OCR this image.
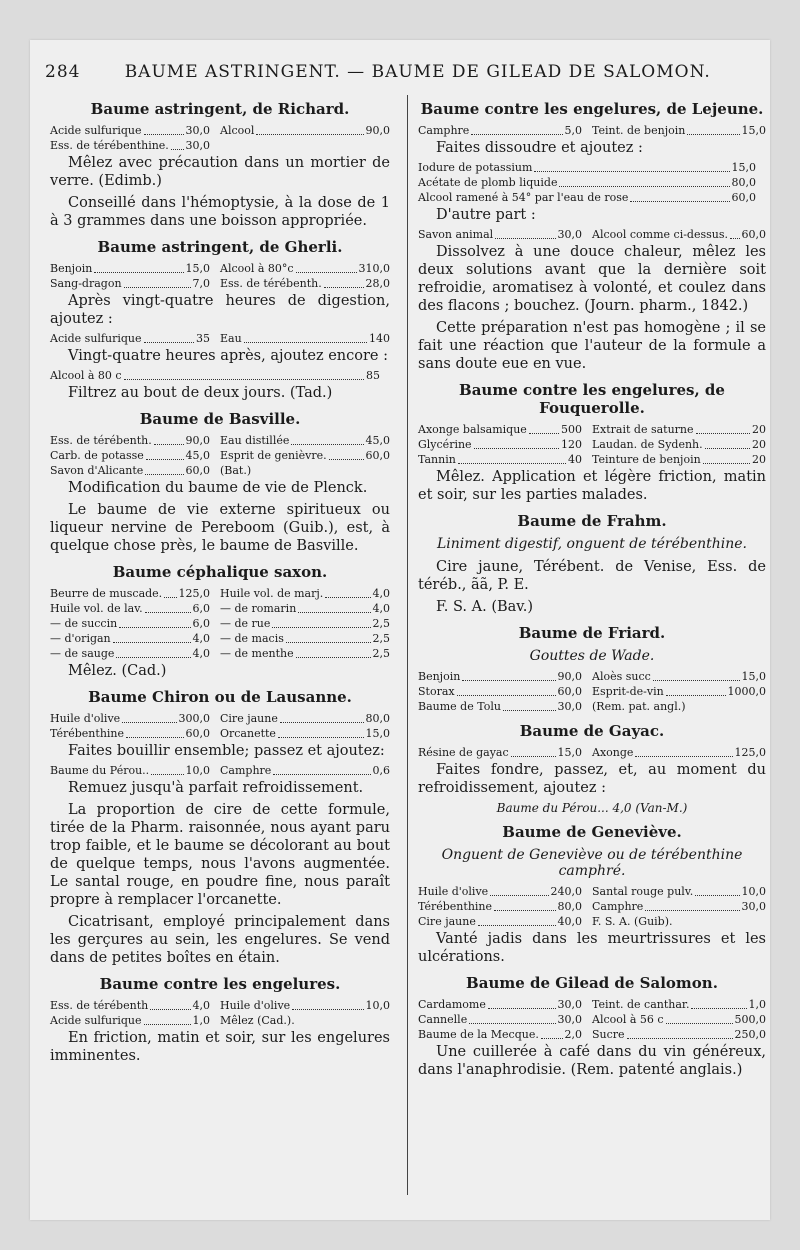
284	BAUME ASTRINGENT. — BAUME DE GILEAD DE SALOMON.
Baume astringent, de Richard.
Acide sulfurique	30,0 Alcool	90,0
Ess. de térébenthine. 30,0

Mêlez avec précaution dans un mortier de verre. (Edimb.)

Conseillé dans l'hémoptysie, à la dose de 1 à 3 grammes dans une boisson appropriée.

Baume astringent, de Gherli.
Benjoin	15,0 Alcool à 80°c	310,0
Sang-dragon	7,0 Ess. de térébenth.	28,0

Après vingt-quatre heures de digestion, ajoutez :

Acide sulfurique	35 Eau	140

Vingt-quatre heures après, ajoutez encore :

Alcool à 80 c	85

Filtrez au bout de deux jours. (Tad.)

Baume de Basville.
Ess. de térébenth.	90,0 Eau distillée	45,0
Carb. de potasse	45,0 Esprit de genièvre.	60,0
Savon d'Alicante	60,0 (Bat.)

Modification du baume de vie de Plenck.

Le baume de vie externe spiritueux ou liqueur nervine de Pereboom (Guib.), est, à quelque chose près, le baume de Basville.

Baume céphalique saxon.
Beurre de muscade. 125,0 Huile vol. de marj.	4,0
Huile vol. de lav.	6,0 — de romarin	4,0
— de succin	6,0 — de rue	2,5
— d'origan	4,0 — de macis	2,5
— de sauge	4,0 — de menthe	2,5

Mêlez. (Cad.)

Baume Chiron ou de Lausanne.
Huile d'olive	300,0 Cire jaune	80,0
Térébenthine	60,0 Orcanette	15,0

Faites bouillir ensemble; passez et ajoutez:

Baume du Pérou..	10,0 Camphre	0,6

Remuez jusqu'à parfait refroidissement.

La proportion de cire de cette formule, tirée de la Pharm. raisonnée, nous ayant paru trop faible, et le baume se décolorant au bout de quelque temps, nous l'avons augmentée. Le santal rouge, en poudre fine, nous paraît propre à remplacer l'orcanette.

Cicatrisant, employé principalement dans les gerçures au sein, les engelures. Se vend dans de petites boîtes en étain.

Baume contre les engelures.
Ess. de térébenth	4,0 Huile d'olive	10,0
Acide sulfurique	1,0 Mêlez (Cad.).

En friction, matin et soir, sur les engelures imminentes.

Baume contre les engelures, de Lejeune.
Camphre	5,0 Teint. de benjoin	15,0

Faites dissoudre et ajoutez :

Iodure de potassium	15,0
Acétate de plomb liquide	80,0
Alcool ramené à 54° par l'eau de rose	60,0

D'autre part :

Savon animal	30,0 Alcool comme ci-dessus. 60,0

Dissolvez à une douce chaleur, mêlez les deux solutions avant que la dernière soit refroidie, aromatisez à volonté, et coulez dans des flacons ; bouchez. (Journ. pharm., 1842.)

Cette préparation n'est pas homogène ; il se fait une réaction que l'auteur de la formule a sans doute eue en vue.

Baume contre les engelures, de Fouquerolle.
Axonge balsamique	500 Extrait de saturne	20
Glycérine	120 Laudan. de Sydenh.	20
Tannin	40 Teinture de benjoin	20

Mêlez. Application et légère friction, matin et soir, sur les parties malades.

Baume de Frahm.
Liniment digestif, onguent de térébenthine.

Cire jaune, Térébent. de Venise, Ess. de téréb., ãã, P. E.

F. S. A. (Bav.)

Baume de Friard.
Gouttes de Wade.
Benjoin	90,0 Aloès succ	15,0
Storax	60,0 Esprit-de-vin	1000,0
Baume de Tolu	30,0 (Rem. pat. angl.)
Baume de Gayac.
Résine de gayac	15,0 Axonge	125,0

Faites fondre, passez, et, au moment du refroidissement, ajoutez :

Baume du Pérou... 4,0 (Van-M.)
Baume de Geneviève.
Onguent de Geneviève ou de térébenthine camphré.
Huile d'olive	240,0 Santal rouge pulv.	10,0
Térébenthine	80,0 Camphre	30,0
Cire jaune	40,0 F. S. A. (Guib).

Vanté jadis dans les meurtrissures et les ulcérations.

Baume de Gilead de Salomon.
Cardamome	30,0 Teint. de canthar.	1,0
Cannelle	30,0 Alcool à 56 c	500,0
Baume de la Mecque. 2,0 Sucre	250,0

Une cuillerée à café dans du vin généreux, dans l'anaphrodisie. (Rem. patenté anglais.)
